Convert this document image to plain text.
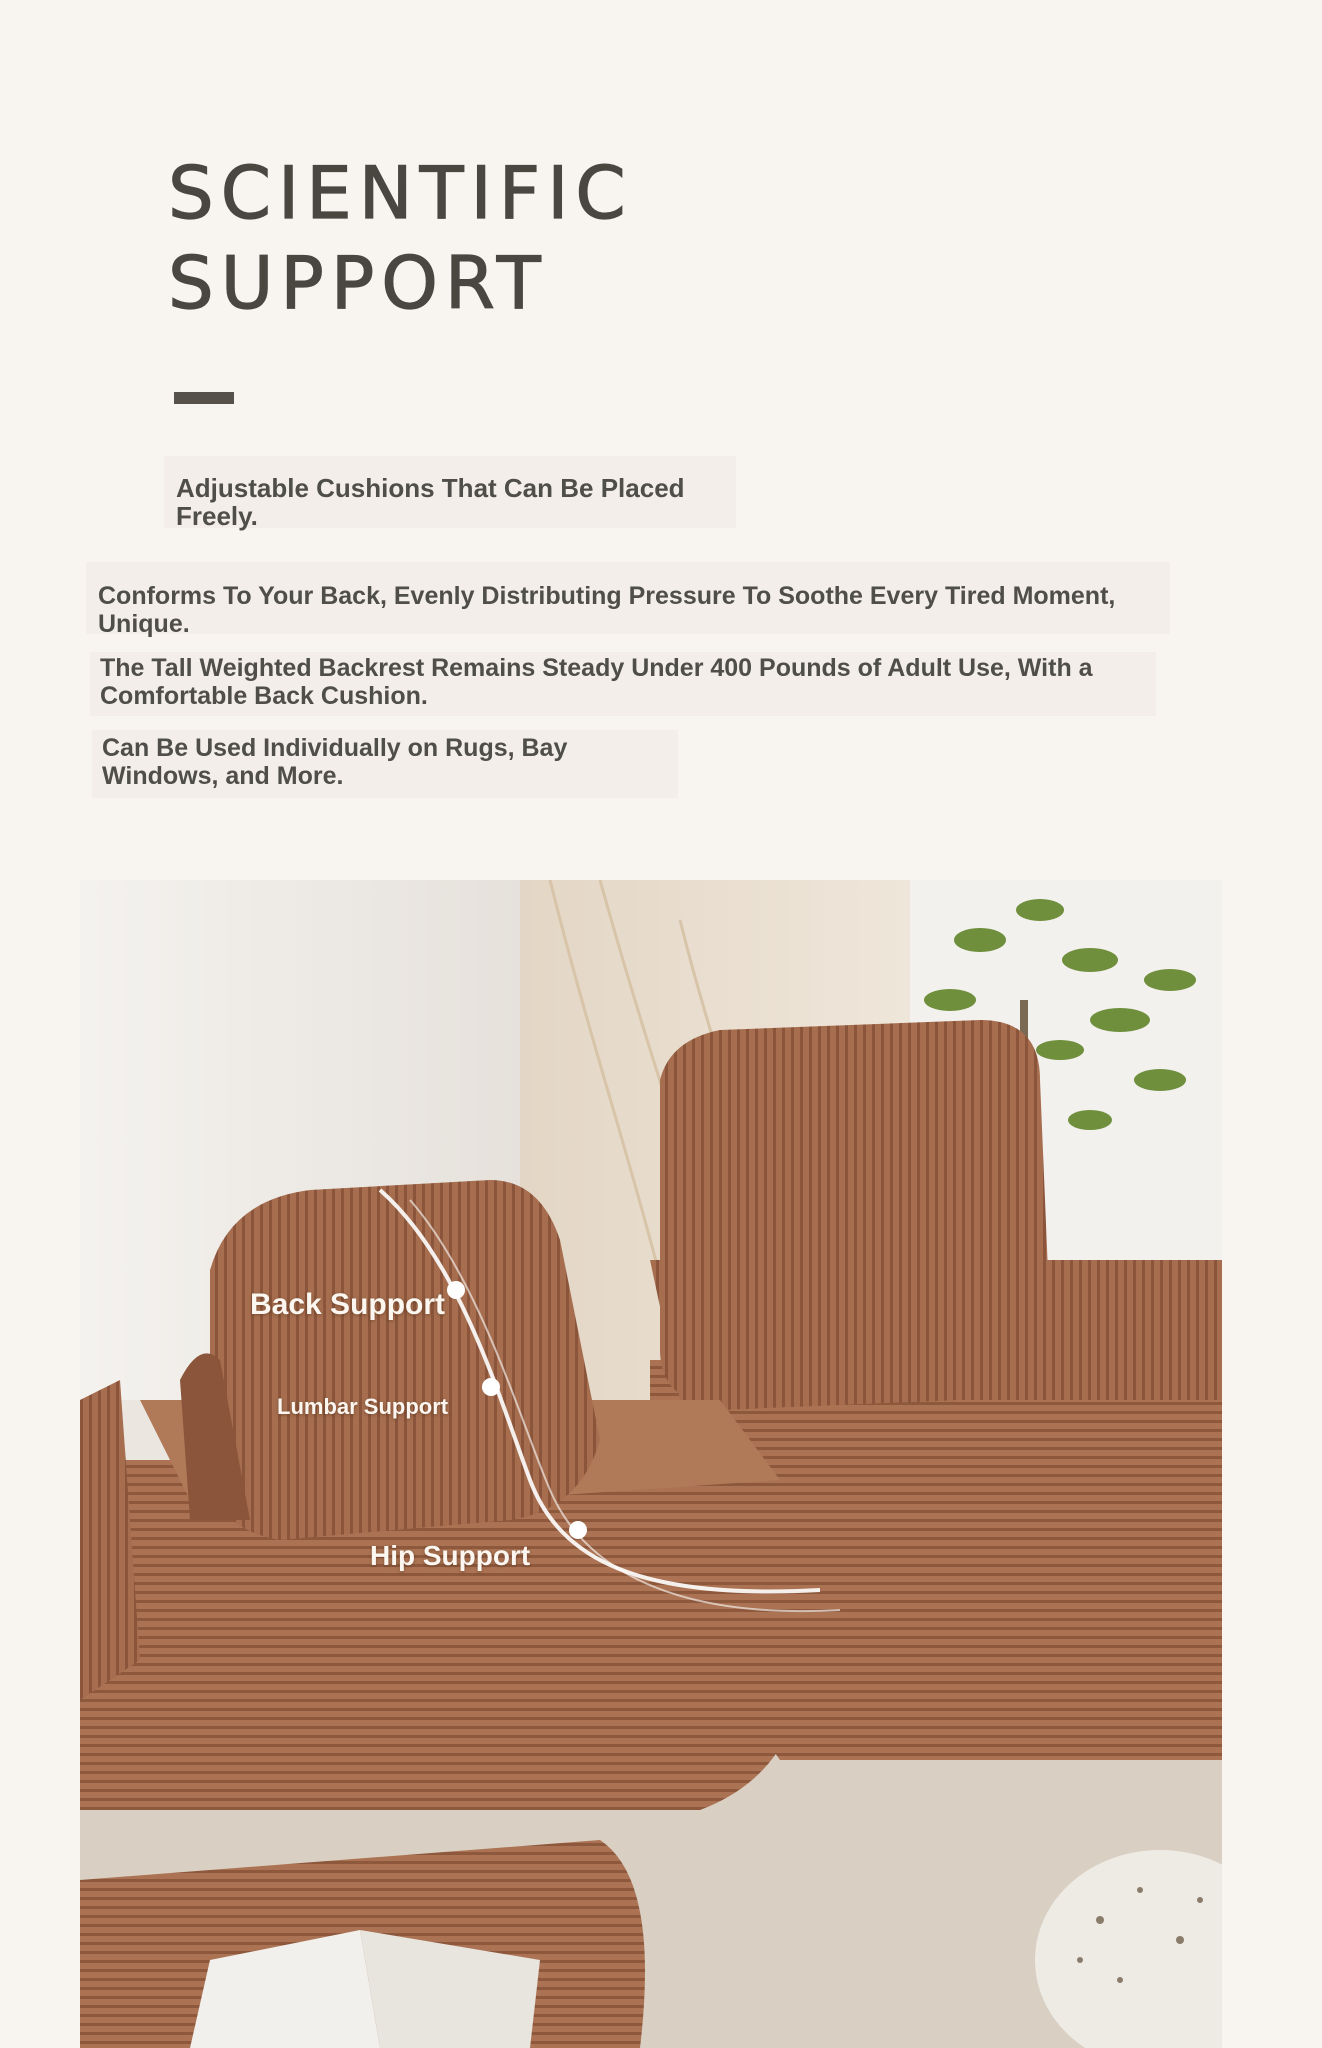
SCIENTIFIC
SUPPORT
Adjustable Cushions That Can Be Placed Freely.
Conforms To Your Back, Evenly Distributing Pressure To Soothe Every Tired Moment, Unique.
The Tall Weighted Backrest Remains Steady Under 400 Pounds of Adult Use, With a Comfortable Back Cushion.
Can Be Used Individually on Rugs, Bay Windows, and More.
Back Support
Lumbar Support
Hip Support
